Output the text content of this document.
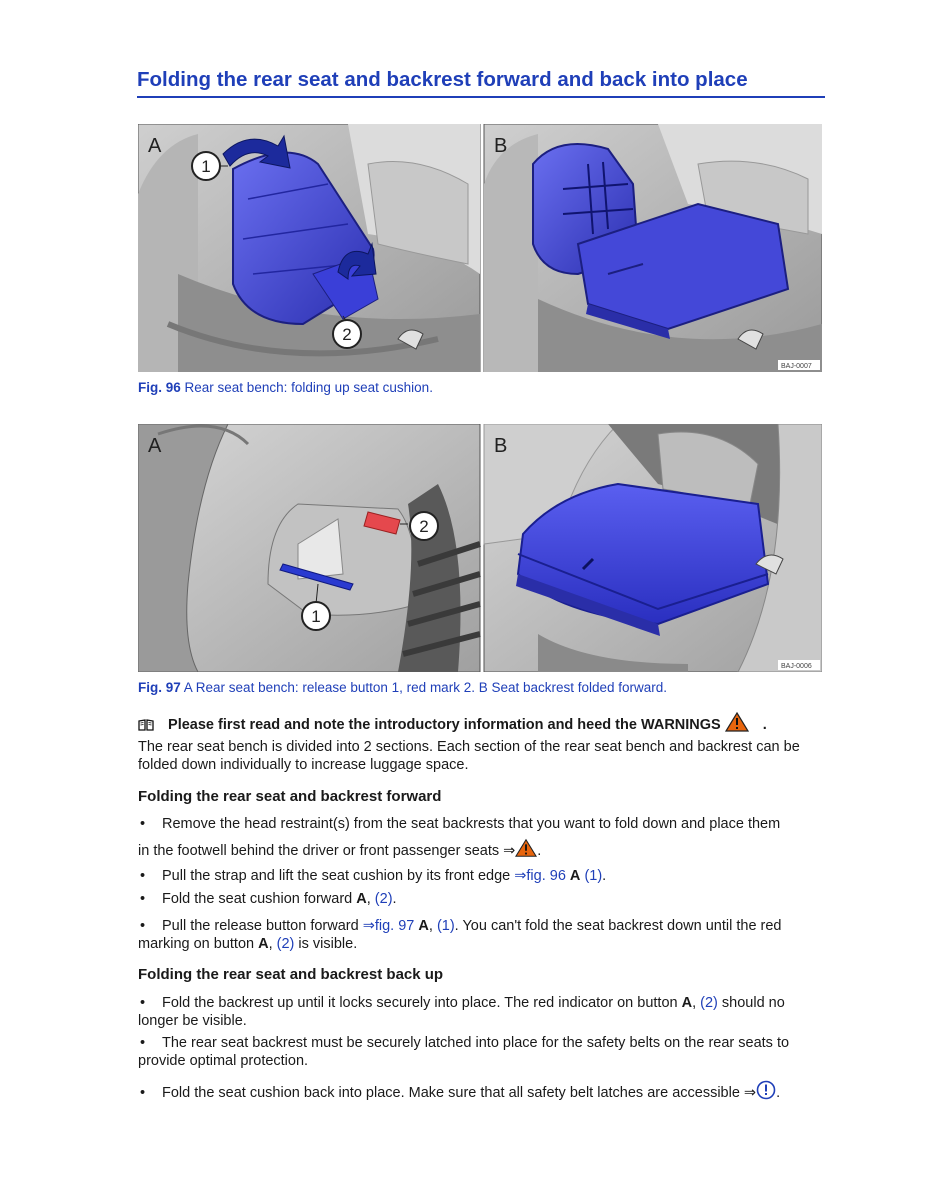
Folding the rear seat and backrest forward and back into place
1
2
A	B
BAJ-0007
Fig. 96 Rear seat bench: folding up seat cushion.
1
2
A	B
BAJ-0006
Fig. 97 A Rear seat bench: release button 1, red mark 2. B Seat backrest folded forward.
Please first read and note the introductory information and heed the WARNINGS	.
The rear seat bench is divided into 2 sections. Each section of the rear seat bench and backrest can be folded down individually to increase luggage space.
Folding the rear seat and backrest forward
• Remove the head restraint(s) from the seat backrests that you want to fold down and place them
in the footwell behind the driver or front passenger seats ⇒ .
• Pull the strap and lift the seat cushion by its front edge ⇒fig. 96 A (1).
• Fold the seat cushion forward A, (2).
• Pull the release button forward ⇒fig. 97 A, (1). You can't fold the seat backrest down until the red marking on button A, (2) is visible.
Folding the rear seat and backrest back up
• Fold the backrest up until it locks securely into place. The red indicator on button A, (2) should no longer be visible.
• The rear seat backrest must be securely latched into place for the safety belts on the rear seats to provide optimal protection.
• Fold the seat cushion back into place. Make sure that all safety belt latches are accessible ⇒ .
